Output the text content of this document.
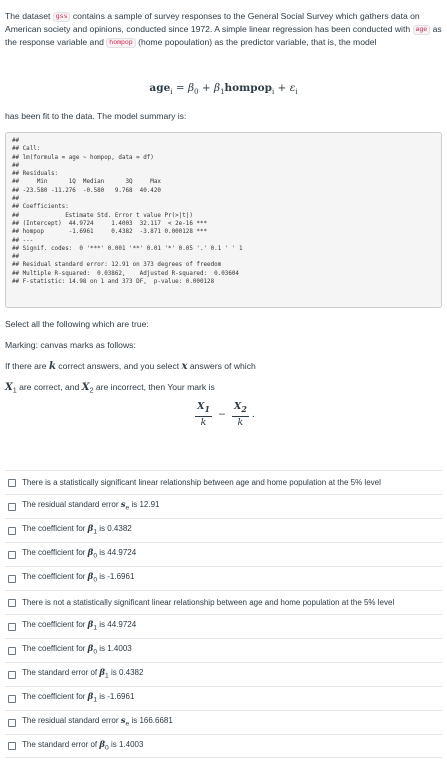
The dataset gss contains a sample of survey responses to the General Social Survey which gathers data on American society and opinions, conducted since 1972. A simple linear regression has been conducted with age as the response variable and hompop (home popoulation) as the predictor variable, that is, the model

$age_i = \beta_0$ + $\beta_1hompop_i + \varepsilon_i$
has been fit to the data. The model summary is:
##
## Call:
## lm(formula = age ~ hompop, data = df)
##
## Residuals:
##     Min      1Q  Median      3Q     Max
## -23.580 -11.276  -0.580   9.768  40.420
##
## Coefficients:
##             Estimate Std. Error t value Pr(>|t|)
## (Intercept)  44.9724     1.4003  32.117  < 2e-16 ***
## hompop       -1.6961     0.4382  -3.871 0.000128 ***
## ---
## Signif. codes:  0 '***' 0.001 '**' 0.01 '*' 0.05 '.' 0.1 ' ' 1
##
## Residual standard error: 12.91 on 373 degrees of freedom
## Multiple R-squared:  0.03862,    Adjusted R-squared:  0.03604
## F-statistic: 14.98 on 1 and 373 DF,  p-value: 0.000128
Select all the following which are true:
Marking: canvas marks as follows:
If there are k correct answers, and you select x answers of which
$X_1$ are correct, and $X_2$ are incorrect, then Your mark is
$\frac{X_1}{k} - \frac{X_2}{k}$ .
There is a statistically significant linear relationship between age and home population at the 5% level
The residual standard error $s_e$ is 12.91
The coefficient for $\beta_1$ is 0.4382
The coefficient for $\beta_0$ is 44.9724
The coefficient for $\beta_0$ is -1.6961
There is not a statistically significant linear relationship between age and home population at the 5% level
The coefficient for $\beta_1$ is 44.9724
The coefficient for $\beta_0$ is 1.4003
The standard error of $\beta_1$ is 0.4382
The coefficient for $\beta_1$ is -1.6961
The residual standard error $s_e$ is 166.6681
The standard error of $\beta_0$ is 1.4003
